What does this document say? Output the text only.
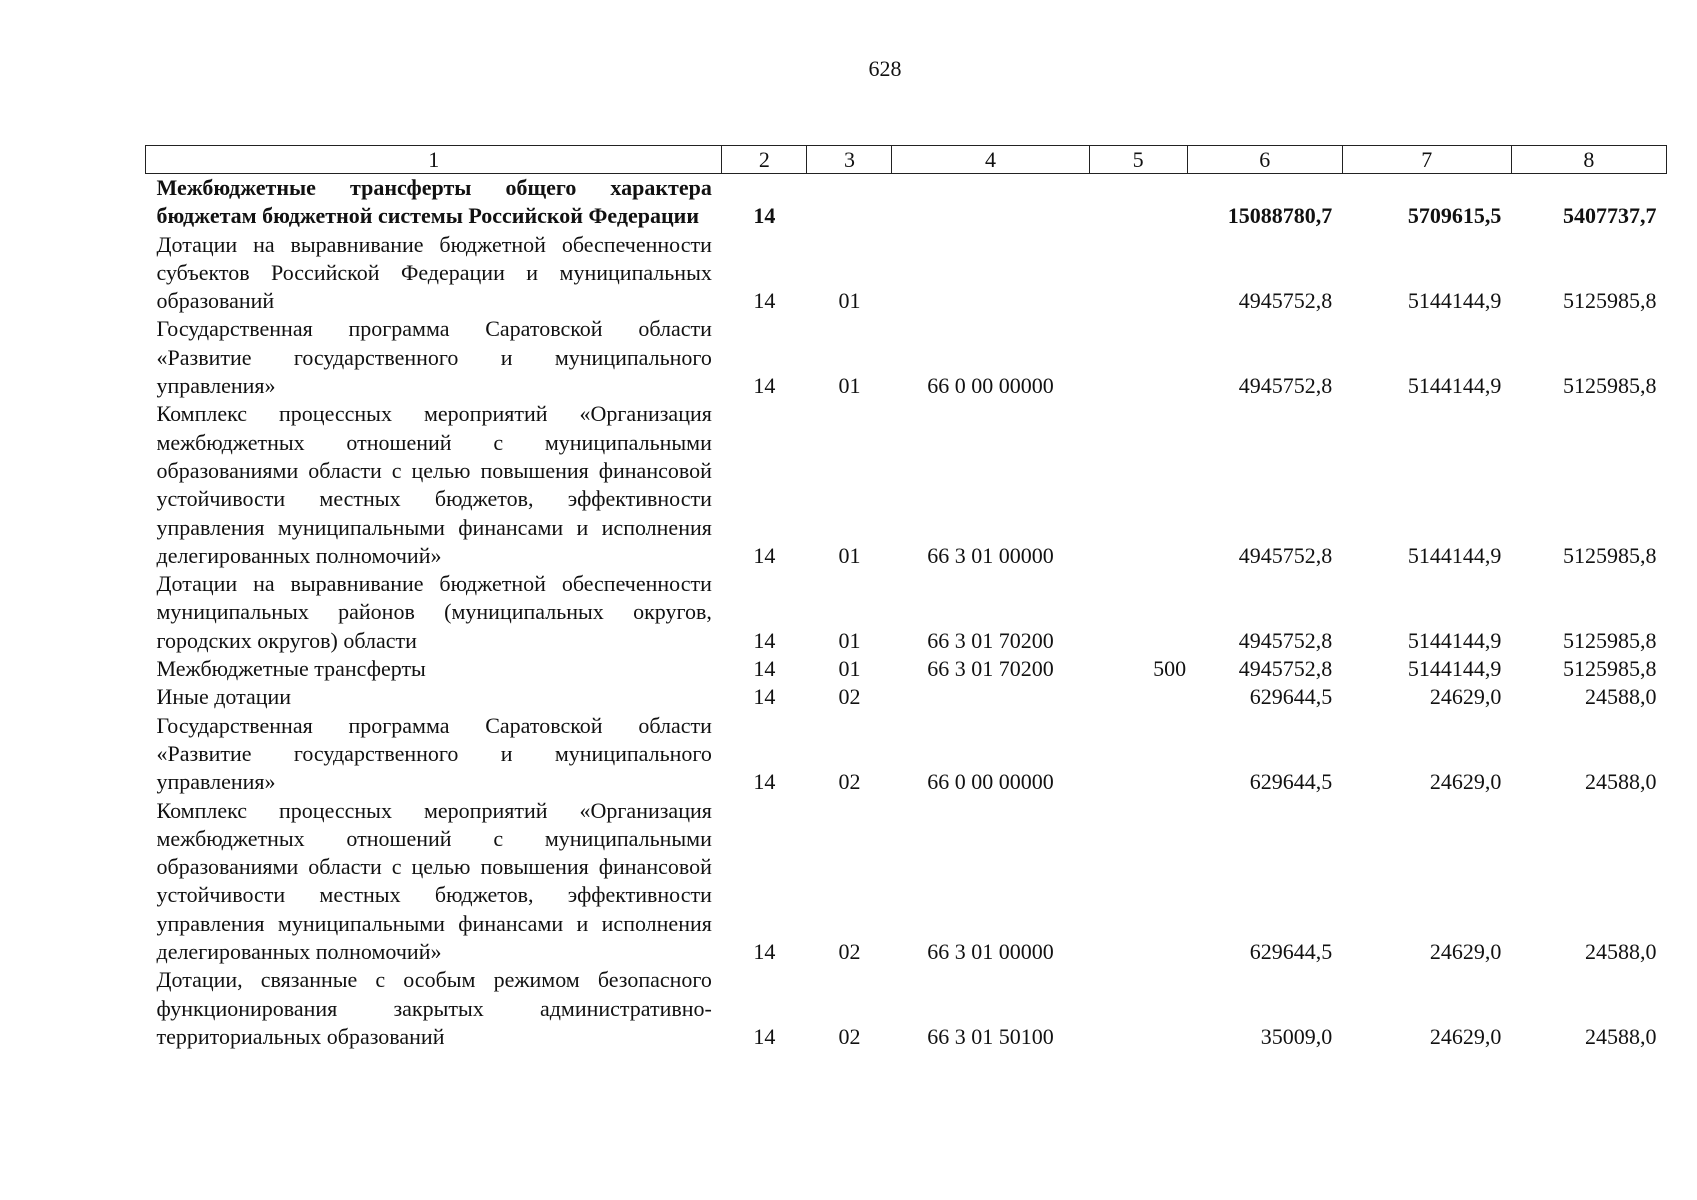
628
1	2	3	4	5	6	7	8
Межбюджетные трансферты общего характера бюджетам бюджетной системы Российской Федерации	14				15088780,7	5709615,5	5407737,7
Дотации на выравнивание бюджетной обеспеченности субъектов Российской Федерации и муниципальных образований	14	01			4945752,8	5144144,9	5125985,8
Государственная программа Саратовской области «Развитие государственного и муниципального управления»	14	01	66 0 00 00000		4945752,8	5144144,9	5125985,8
Комплекс процессных мероприятий «Организация межбюджетных отношений с муниципальными образованиями области с целью повышения финансовой устойчивости местных бюджетов, эффективности управления муниципальными финансами и исполнения делегированных полномочий»	14	01	66 3 01 00000		4945752,8	5144144,9	5125985,8
Дотации на выравнивание бюджетной обеспеченности муниципальных районов (муниципальных округов, городских округов) области	14	01	66 3 01 70200		4945752,8	5144144,9	5125985,8
Межбюджетные трансферты	14	01	66 3 01 70200	500	4945752,8	5144144,9	5125985,8
Иные дотации	14	02			629644,5	24629,0	24588,0
Государственная программа Саратовской области «Развитие государственного и муниципального управления»	14	02	66 0 00 00000		629644,5	24629,0	24588,0
Комплекс процессных мероприятий «Организация межбюджетных отношений с муниципальными образованиями области с целью повышения финансовой устойчивости местных бюджетов, эффективности управления муниципальными финансами и исполнения делегированных полномочий»	14	02	66 3 01 00000		629644,5	24629,0	24588,0
Дотации, связанные с особым режимом безопасного функционирования закрытых административно-территориальных образований	14	02	66 3 01 50100		35009,0	24629,0	24588,0
